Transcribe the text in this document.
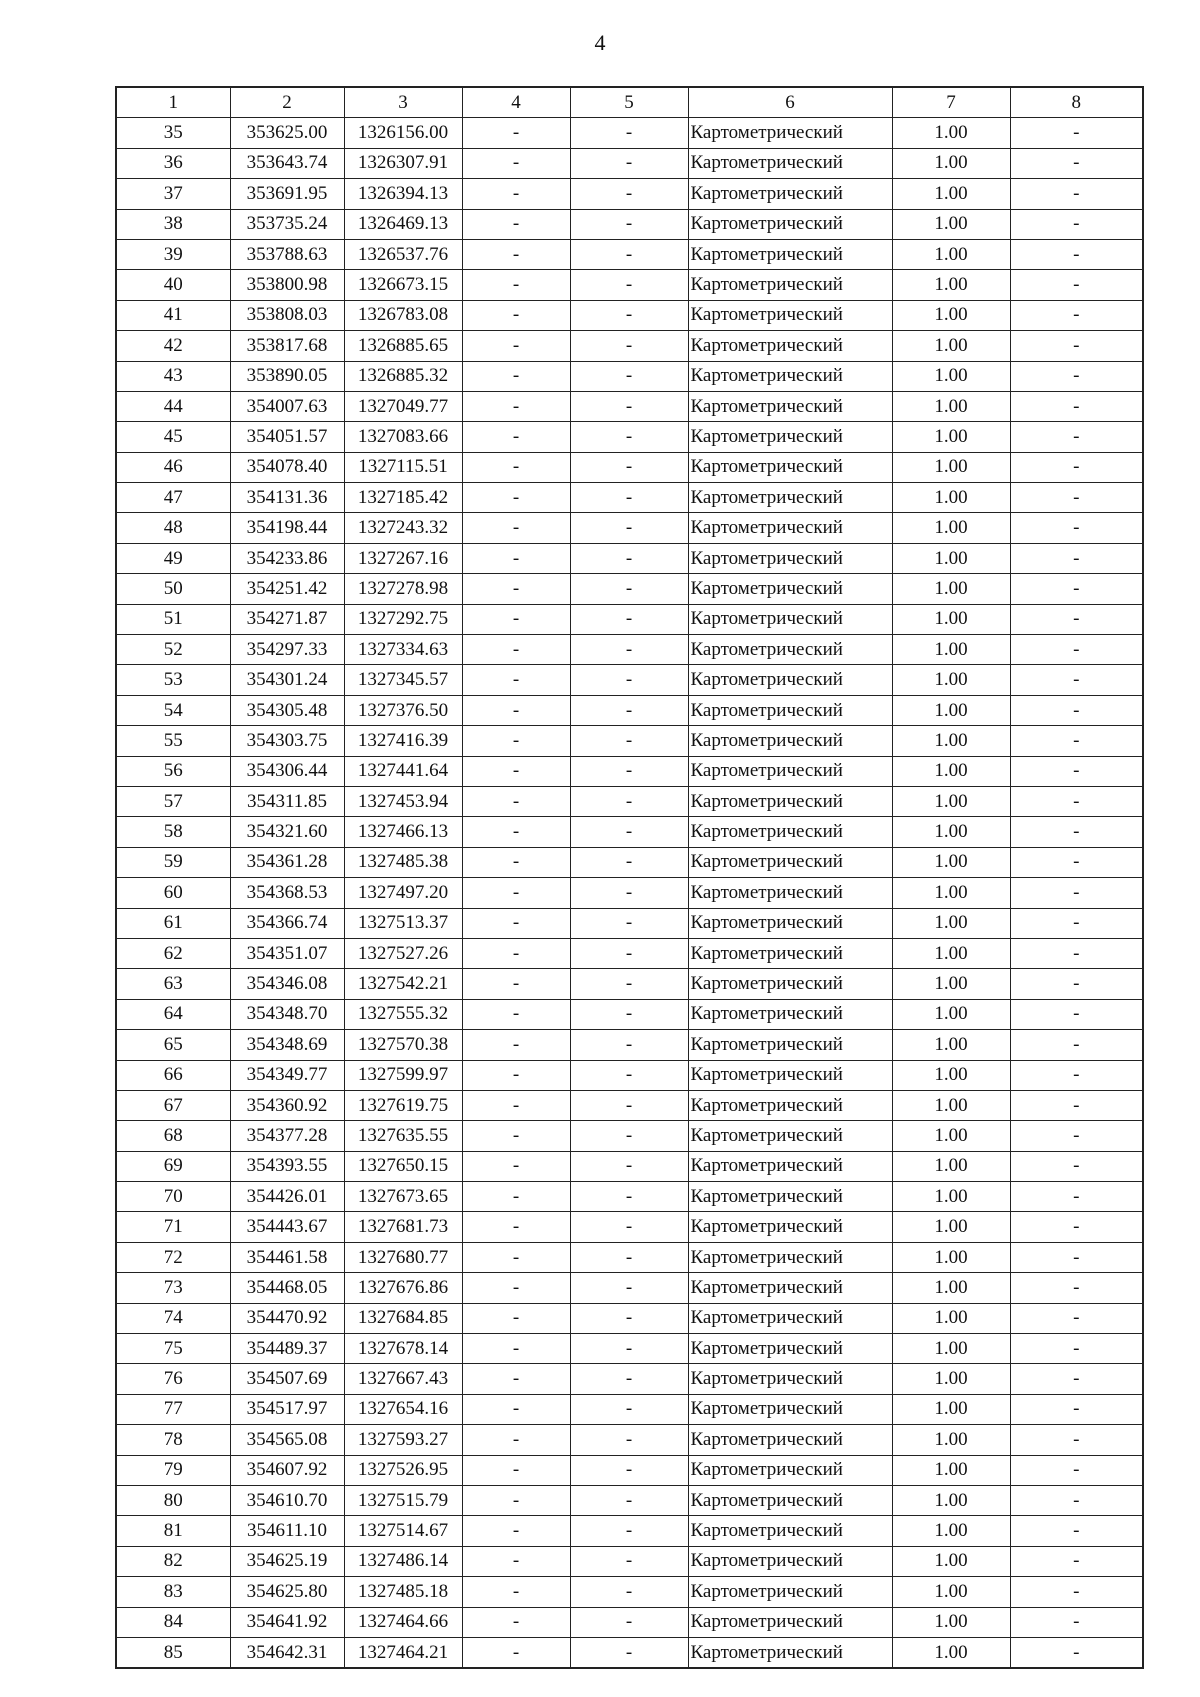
4
1	2	3	4	5	6	7	8
35	353625.00	1326156.00	-	-	Картометрический	1.00	-
36	353643.74	1326307.91	-	-	Картометрический	1.00	-
37	353691.95	1326394.13	-	-	Картометрический	1.00	-
38	353735.24	1326469.13	-	-	Картометрический	1.00	-
39	353788.63	1326537.76	-	-	Картометрический	1.00	-
40	353800.98	1326673.15	-	-	Картометрический	1.00	-
41	353808.03	1326783.08	-	-	Картометрический	1.00	-
42	353817.68	1326885.65	-	-	Картометрический	1.00	-
43	353890.05	1326885.32	-	-	Картометрический	1.00	-
44	354007.63	1327049.77	-	-	Картометрический	1.00	-
45	354051.57	1327083.66	-	-	Картометрический	1.00	-
46	354078.40	1327115.51	-	-	Картометрический	1.00	-
47	354131.36	1327185.42	-	-	Картометрический	1.00	-
48	354198.44	1327243.32	-	-	Картометрический	1.00	-
49	354233.86	1327267.16	-	-	Картометрический	1.00	-
50	354251.42	1327278.98	-	-	Картометрический	1.00	-
51	354271.87	1327292.75	-	-	Картометрический	1.00	-
52	354297.33	1327334.63	-	-	Картометрический	1.00	-
53	354301.24	1327345.57	-	-	Картометрический	1.00	-
54	354305.48	1327376.50	-	-	Картометрический	1.00	-
55	354303.75	1327416.39	-	-	Картометрический	1.00	-
56	354306.44	1327441.64	-	-	Картометрический	1.00	-
57	354311.85	1327453.94	-	-	Картометрический	1.00	-
58	354321.60	1327466.13	-	-	Картометрический	1.00	-
59	354361.28	1327485.38	-	-	Картометрический	1.00	-
60	354368.53	1327497.20	-	-	Картометрический	1.00	-
61	354366.74	1327513.37	-	-	Картометрический	1.00	-
62	354351.07	1327527.26	-	-	Картометрический	1.00	-
63	354346.08	1327542.21	-	-	Картометрический	1.00	-
64	354348.70	1327555.32	-	-	Картометрический	1.00	-
65	354348.69	1327570.38	-	-	Картометрический	1.00	-
66	354349.77	1327599.97	-	-	Картометрический	1.00	-
67	354360.92	1327619.75	-	-	Картометрический	1.00	-
68	354377.28	1327635.55	-	-	Картометрический	1.00	-
69	354393.55	1327650.15	-	-	Картометрический	1.00	-
70	354426.01	1327673.65	-	-	Картометрический	1.00	-
71	354443.67	1327681.73	-	-	Картометрический	1.00	-
72	354461.58	1327680.77	-	-	Картометрический	1.00	-
73	354468.05	1327676.86	-	-	Картометрический	1.00	-
74	354470.92	1327684.85	-	-	Картометрический	1.00	-
75	354489.37	1327678.14	-	-	Картометрический	1.00	-
76	354507.69	1327667.43	-	-	Картометрический	1.00	-
77	354517.97	1327654.16	-	-	Картометрический	1.00	-
78	354565.08	1327593.27	-	-	Картометрический	1.00	-
79	354607.92	1327526.95	-	-	Картометрический	1.00	-
80	354610.70	1327515.79	-	-	Картометрический	1.00	-
81	354611.10	1327514.67	-	-	Картометрический	1.00	-
82	354625.19	1327486.14	-	-	Картометрический	1.00	-
83	354625.80	1327485.18	-	-	Картометрический	1.00	-
84	354641.92	1327464.66	-	-	Картометрический	1.00	-
85	354642.31	1327464.21	-	-	Картометрический	1.00	-
